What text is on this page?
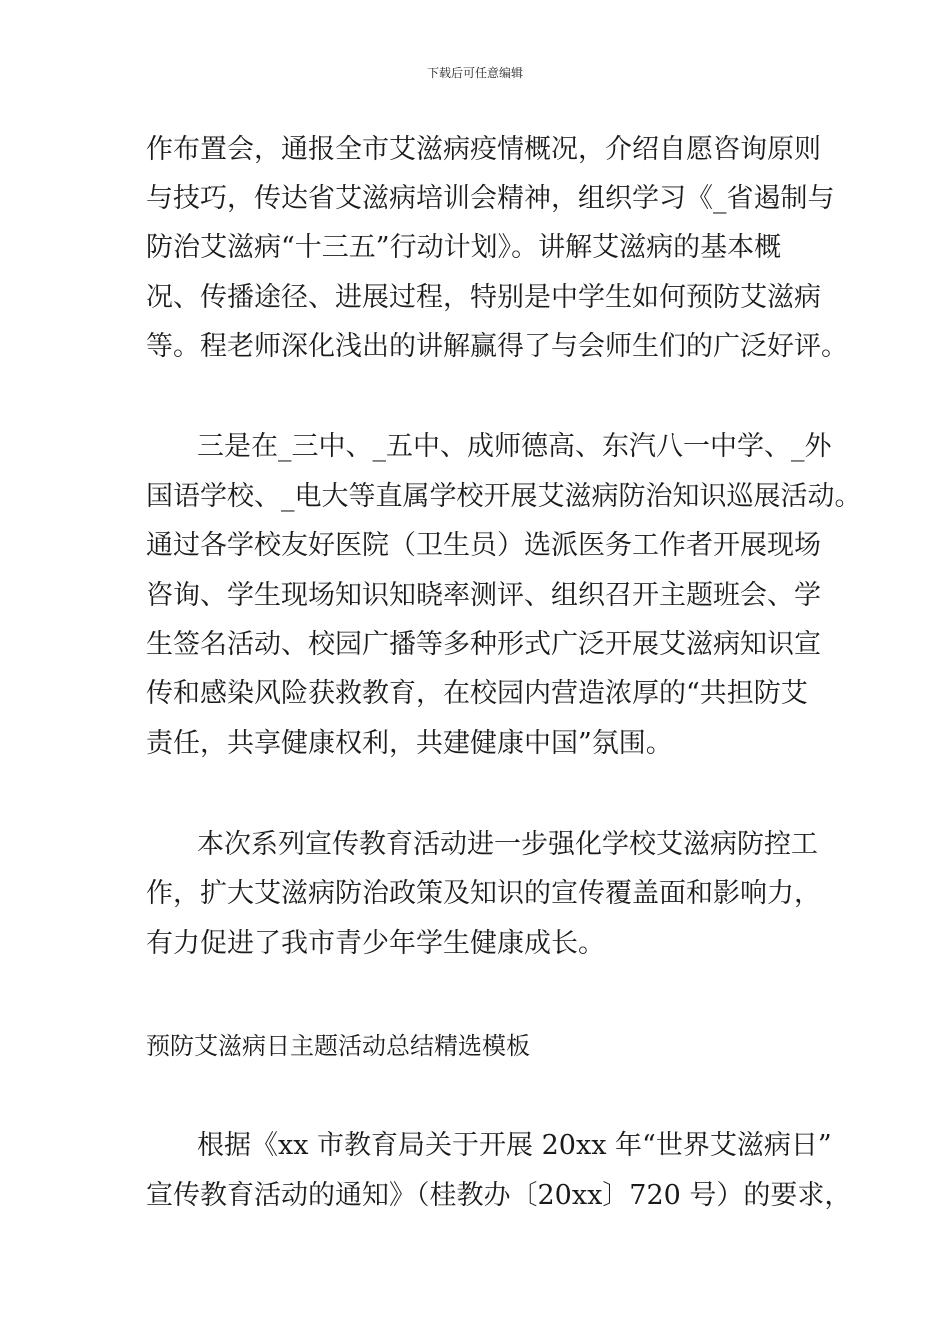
下载后可任意编辑
作布置会，通报全市艾滋病疫情概况，介绍自愿咨询原则
与技巧，传达省艾滋病培训会精神，组织学习《_省遏制与
防治艾滋病“十三五”行动计划》。讲解艾滋病的基本概
况、传播途径、进展过程，特别是中学生如何预防艾滋病
等。程老师深化浅出的讲解赢得了与会师生们的广泛好评。
三是在_三中、_五中、成师德高、东汽八一中学、_外
国语学校、_电大等直属学校开展艾滋病防治知识巡展活动。
通过各学校友好医院（卫生员）选派医务工作者开展现场
咨询、学生现场知识知晓率测评、组织召开主题班会、学
生签名活动、校园广播等多种形式广泛开展艾滋病知识宣
传和感染风险获救教育，在校园内营造浓厚的“共担防艾
责任，共享健康权利，共建健康中国”氛围。
本次系列宣传教育活动进一步强化学校艾滋病防控工
作，扩大艾滋病防治政策及知识的宣传覆盖面和影响力，
有力促进了我市青少年学生健康成长。
预防艾滋病日主题活动总结精选模板
根据《xx 市教育局关于开展 20xx 年“世界艾滋病日”
宣传教育活动的通知》（桂教办〔20xx〕720 号）的要求，
